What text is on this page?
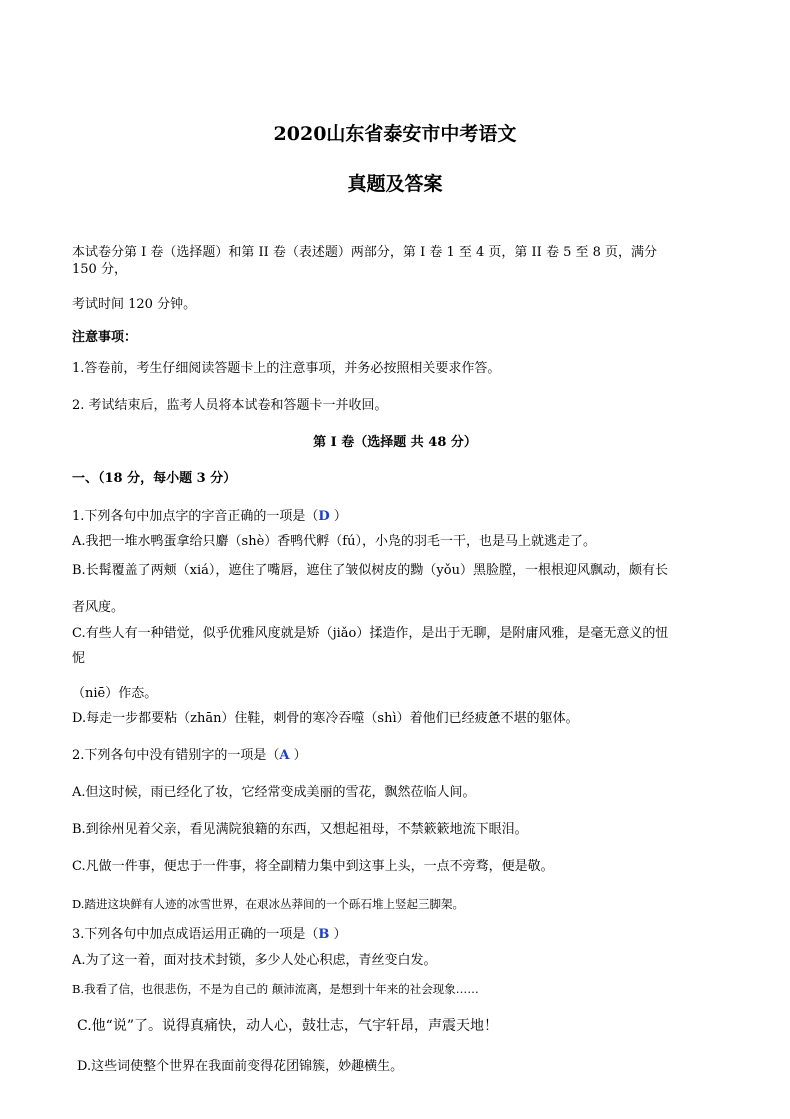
2020山东省泰安市中考语文
真题及答案
本试卷分第 I 卷（选择题）和第 II 卷（表述题）两部分，第 I 卷 1 至 4 页，第 II 卷 5 至 8 页，满分
150 分，
考试时间 120 分钟。
注意事项：
1.答卷前，考生仔细阅读答题卡上的注意事项，并务必按照相关要求作答。
2. 考试结束后，监考人员将本试卷和答题卡一并收回。
第 I 卷（选择题 共 48 分）
一、（18 分，每小题 3 分）
1.下列各句中加点字的字音正确的一项是（D ）
A.我把一堆水鸭蛋拿给只麝（shè）香鸭代孵（fú），小凫的羽毛一干，也是马上就逃走了。
B.长髯覆盖了两颊（xiá），遮住了嘴唇，遮住了皱似树皮的黝（yǒu）黑脸膛，一根根迎风飘动，颇有长
者风度。
C.有些人有一种错觉，似乎优雅风度就是矫（jiǎo）揉造作，是出于无聊，是附庸风雅，是毫无意义的忸
怩
（niē）作态。
D.每走一步都要粘（zhān）住鞋，刺骨的寒冷吞噬（shì）着他们已经疲惫不堪的躯体。
2.下列各句中没有错别字的一项是（A ）
A.但这时候，雨已经化了妆，它经常变成美丽的雪花，飘然莅临人间。
B.到徐州见着父亲，看见满院狼籍的东西，又想起祖母，不禁簌簌地流下眼泪。
C.凡做一件事，便忠于一件事，将全副精力集中到这事上头，一点不旁骛，便是敬。
D.踏进这块鲜有人迹的冰雪世界，在艰冰丛莽间的一个砾石堆上竖起三脚架。
3.下列各句中加点成语运用正确的一项是（B ）
A.为了这一着，面对技术封锁，多少人处心积虑，青丝变白发。
B.我看了信，也很悲伤，不是为自己的 颠沛流离，是想到十年来的社会现象……
C.他“说”了。说得真痛快，动人心，鼓壮志，气宇轩昂，声震天地！
D.这些词使整个世界在我面前变得花团锦簇，妙趣横生。
